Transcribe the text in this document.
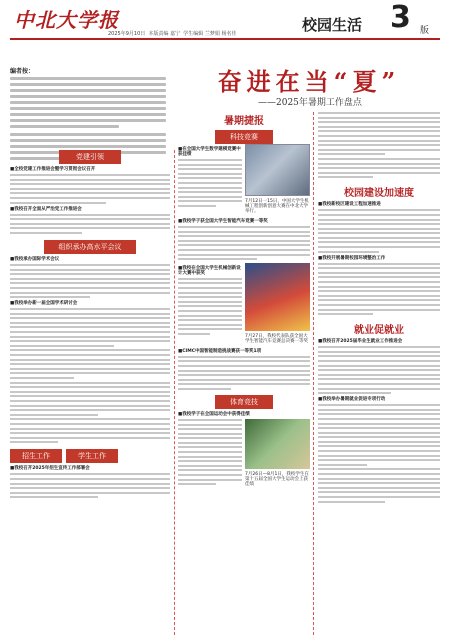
中北大学报
2025年9月10日 本版责编 嘉宁 学生编辑 兰梦娟 杨名佳	校园生活 3 版
编者按：	奋进在当“夏”
——2025年暑期工作盘点
党建引领
■全校党建工作推进会暨学习贯彻会议召开
■我校召开全面从严治党工作推进会
组织承办高水平会议
■我校承办国际学术会议
■我校举办新一届全国学术研讨会
招生工作	学生工作
■我校召开2025年招生宣传工作部署会
暑期捷报
科技竞赛
■在全国大学生数学建模竞赛中获佳绩
7月12日一15日，中国大学生机械工程创新创意大赛在中北大学举行。
■我校学子获全国大学生智能汽车竞赛一等奖
■我校在全国大学生机械创新设计大赛中获奖
7月27日，我校代表队获全国大学生智能汽车竞赛总决赛一等奖
■CIMC中国智能制造挑战赛获一等奖1项
体育竞技
■我校学子在全国运动会中获得佳绩
7月26日—8月1日，我校学生在第十五届全国大学生运动会上获佳绩
校园建设加速度
■我校新校区建设工程加速推进
■我校开展暑期校园环境整治工作
就业促就业
■我校召开2025届毕业生就业工作推进会
■我校举办暑期就业促进专项行动
